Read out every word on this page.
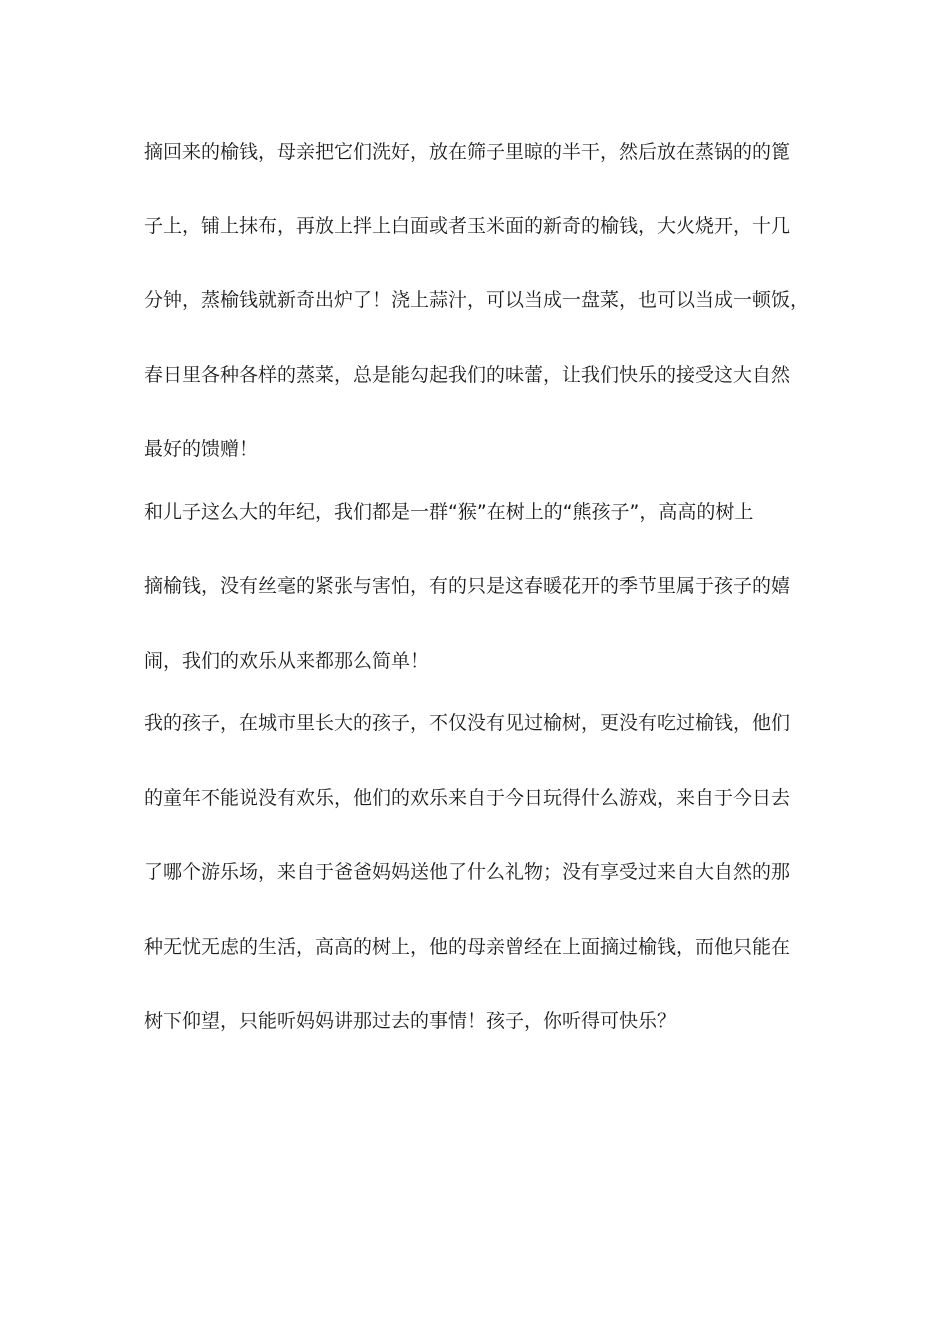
摘回来的榆钱，母亲把它们洗好，放在筛子里晾的半干，然后放在蒸锅的的篦
子上，铺上抹布，再放上拌上白面或者玉米面的新奇的榆钱，大火烧开，十几
分钟，蒸榆钱就新奇出炉了！浇上蒜汁，可以当成一盘菜，也可以当成一顿饭，
春日里各种各样的蒸菜，总是能勾起我们的味蕾，让我们快乐的接受这大自然
最好的馈赠！
和儿子这么大的年纪，我们都是一群“猴”在树上的“熊孩子”，高高的树上
摘榆钱，没有丝毫的紧张与害怕，有的只是这春暖花开的季节里属于孩子的嬉
闹，我们的欢乐从来都那么简单！
我的孩子，在城市里长大的孩子，不仅没有见过榆树，更没有吃过榆钱，他们
的童年不能说没有欢乐，他们的欢乐来自于今日玩得什么游戏，来自于今日去
了哪个游乐场，来自于爸爸妈妈送他了什么礼物；没有享受过来自大自然的那
种无忧无虑的生活，高高的树上，他的母亲曾经在上面摘过榆钱，而他只能在
树下仰望，只能听妈妈讲那过去的事情！孩子，你听得可快乐？
